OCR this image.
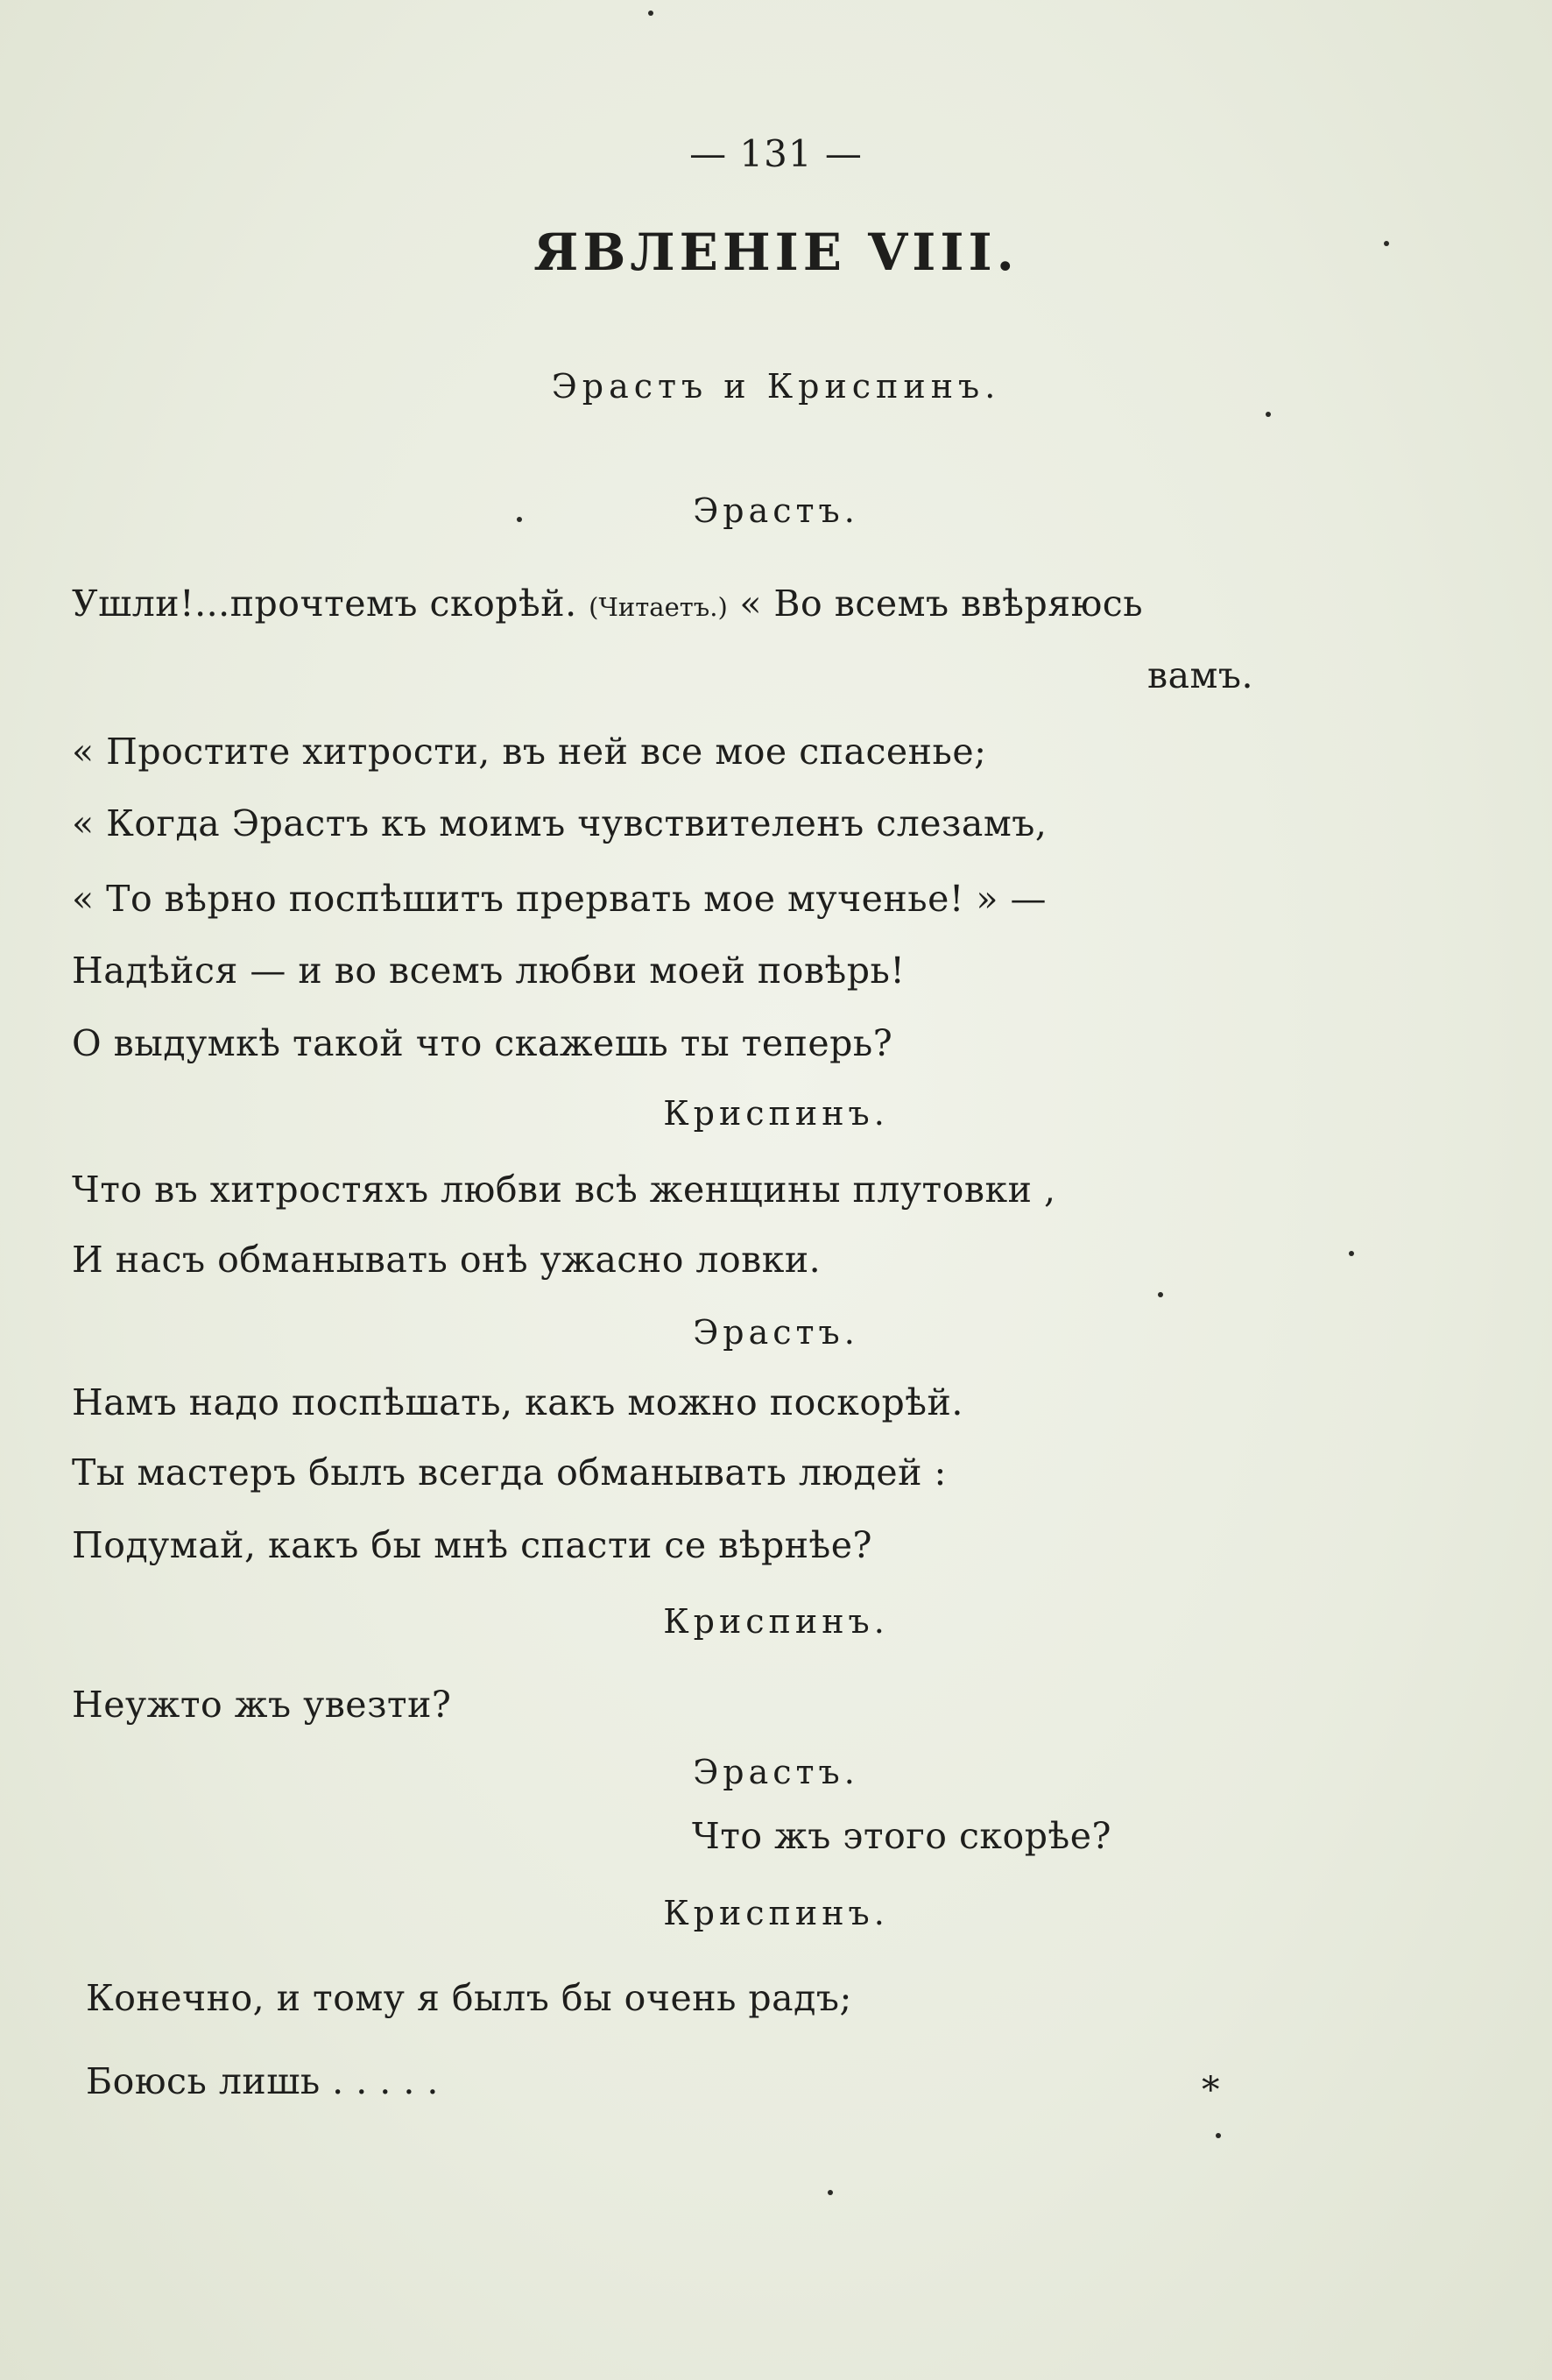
— 131 —
ЯВЛЕНІЕ VIII.
Эрастъ и Криспинъ.
Эрастъ.
Ушли!...прочтемъ скорѣй. (Читаетъ.) « Во всемъ ввѣряюсь
вамъ.
« Простите хитрости, въ ней все мое спасенье;
« Когда Эрастъ къ моимъ чувствителенъ слезамъ,
« То вѣрно поспѣшитъ прервать мое мученье! » —
Надѣйся — и во всемъ любви моей повѣрь!
О выдумкѣ такой что скажешь ты теперь?
Криспинъ.
Что въ хитростяхъ любви всѣ женщины плутовки ,
И насъ обманывать онѣ ужасно ловки.
Эрастъ.
Намъ надо поспѣшать, какъ можно поскорѣй.
Ты мастеръ былъ всегда обманывать людей :
Подумай, какъ бы мнѣ спасти се вѣрнѣе?
Криспинъ.
Неужто жъ увезти?
Эрастъ.
Что жъ этого скорѣе?
Криспинъ.
Конечно, и тому я былъ бы очень радъ;
Боюсь лишь . . . . .	*
